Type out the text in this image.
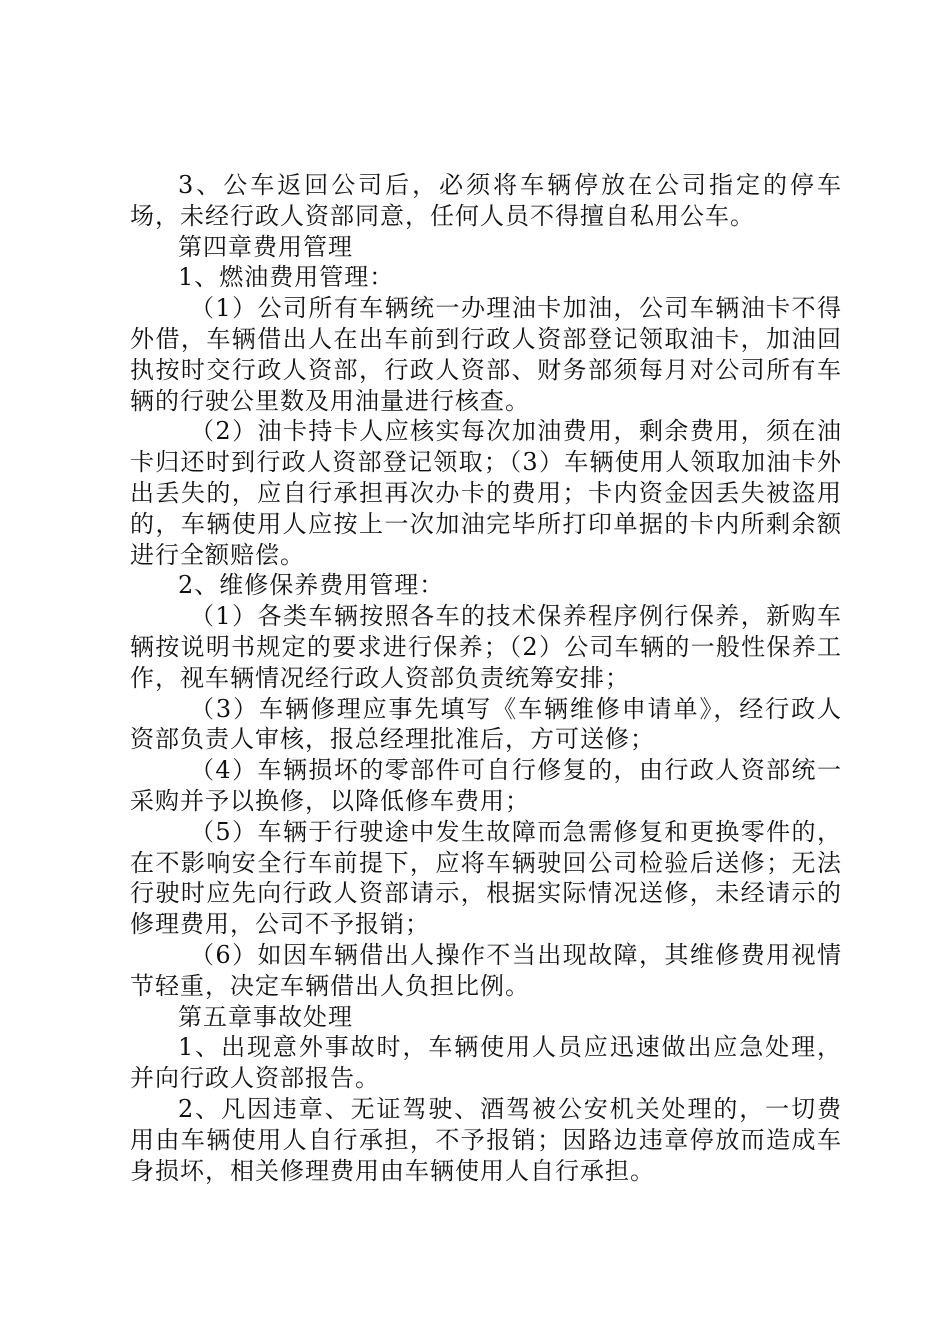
3、公车返回公司后，必须将车辆停放在公司指定的停车场，未经行政人资部同意，任何人员不得擅自私用公车。

第四章费用管理

1、燃油费用管理：

（1）公司所有车辆统一办理油卡加油，公司车辆油卡不得外借，车辆借出人在出车前到行政人资部登记领取油卡，加油回执按时交行政人资部，行政人资部、财务部须每月对公司所有车辆的行驶公里数及用油量进行核查。

（2）油卡持卡人应核实每次加油费用，剩余费用，须在油卡归还时到行政人资部登记领取；（3）车辆使用人领取加油卡外出丢失的，应自行承担再次办卡的费用；卡内资金因丢失被盗用的，车辆使用人应按上一次加油完毕所打印单据的卡内所剩余额进行全额赔偿。

2、维修保养费用管理：

（1）各类车辆按照各车的技术保养程序例行保养，新购车辆按说明书规定的要求进行保养；（2）公司车辆的一般性保养工作，视车辆情况经行政人资部负责统筹安排；

（3）车辆修理应事先填写《车辆维修申请单》，经行政人资部负责人审核，报总经理批准后，方可送修；

（4）车辆损坏的零部件可自行修复的，由行政人资部统一采购并予以换修，以降低修车费用；

（5）车辆于行驶途中发生故障而急需修复和更换零件的，在不影响安全行车前提下，应将车辆驶回公司检验后送修；无法行驶时应先向行政人资部请示，根据实际情况送修，未经请示的修理费用，公司不予报销；

（6）如因车辆借出人操作不当出现故障，其维修费用视情节轻重，决定车辆借出人负担比例。

第五章事故处理

1、出现意外事故时，车辆使用人员应迅速做出应急处理，并向行政人资部报告。

2、凡因违章、无证驾驶、酒驾被公安机关处理的，一切费用由车辆使用人自行承担，不予报销；因路边违章停放而造成车身损坏，相关修理费用由车辆使用人自行承担。
